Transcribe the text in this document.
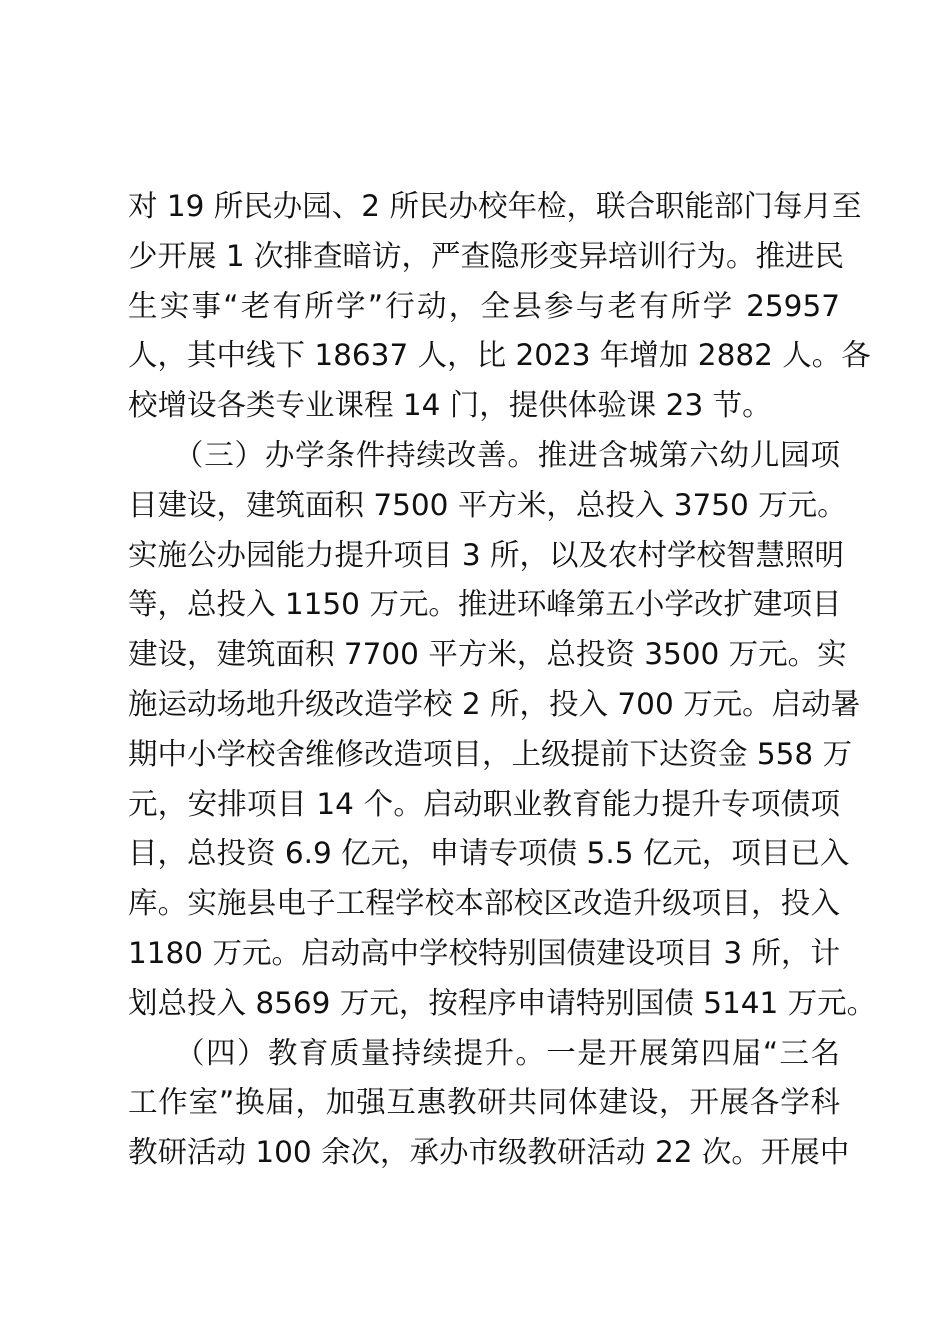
对 19 所民办园、2 所民办校年检，联合职能部门每月至
少开展 1 次排查暗访，严查隐形变异培训行为。推进民
生实事“老有所学”行动，全县参与老有所学 25957
人，其中线下 18637 人，比 2023 年增加 2882 人。各
校增设各类专业课程 14 门，提供体验课 23 节。
　　（三）办学条件持续改善。推进含城第六幼儿园项
目建设，建筑面积 7500 平方米，总投入 3750 万元。
实施公办园能力提升项目 3 所，以及农村学校智慧照明
等，总投入 1150 万元。推进环峰第五小学改扩建项目
建设，建筑面积 7700 平方米，总投资 3500 万元。实
施运动场地升级改造学校 2 所，投入 700 万元。启动暑
期中小学校舍维修改造项目，上级提前下达资金 558 万
元，安排项目 14 个。启动职业教育能力提升专项债项
目，总投资 6.9 亿元，申请专项债 5.5 亿元，项目已入
库。实施县电子工程学校本部校区改造升级项目，投入
1180 万元。启动高中学校特别国债建设项目 3 所，计
划总投入 8569 万元，按程序申请特别国债 5141 万元。
　　（四）教育质量持续提升。一是开展第四届“三名
工作室”换届，加强互惠教研共同体建设，开展各学科
教研活动 100 余次，承办市级教研活动 22 次。开展中
